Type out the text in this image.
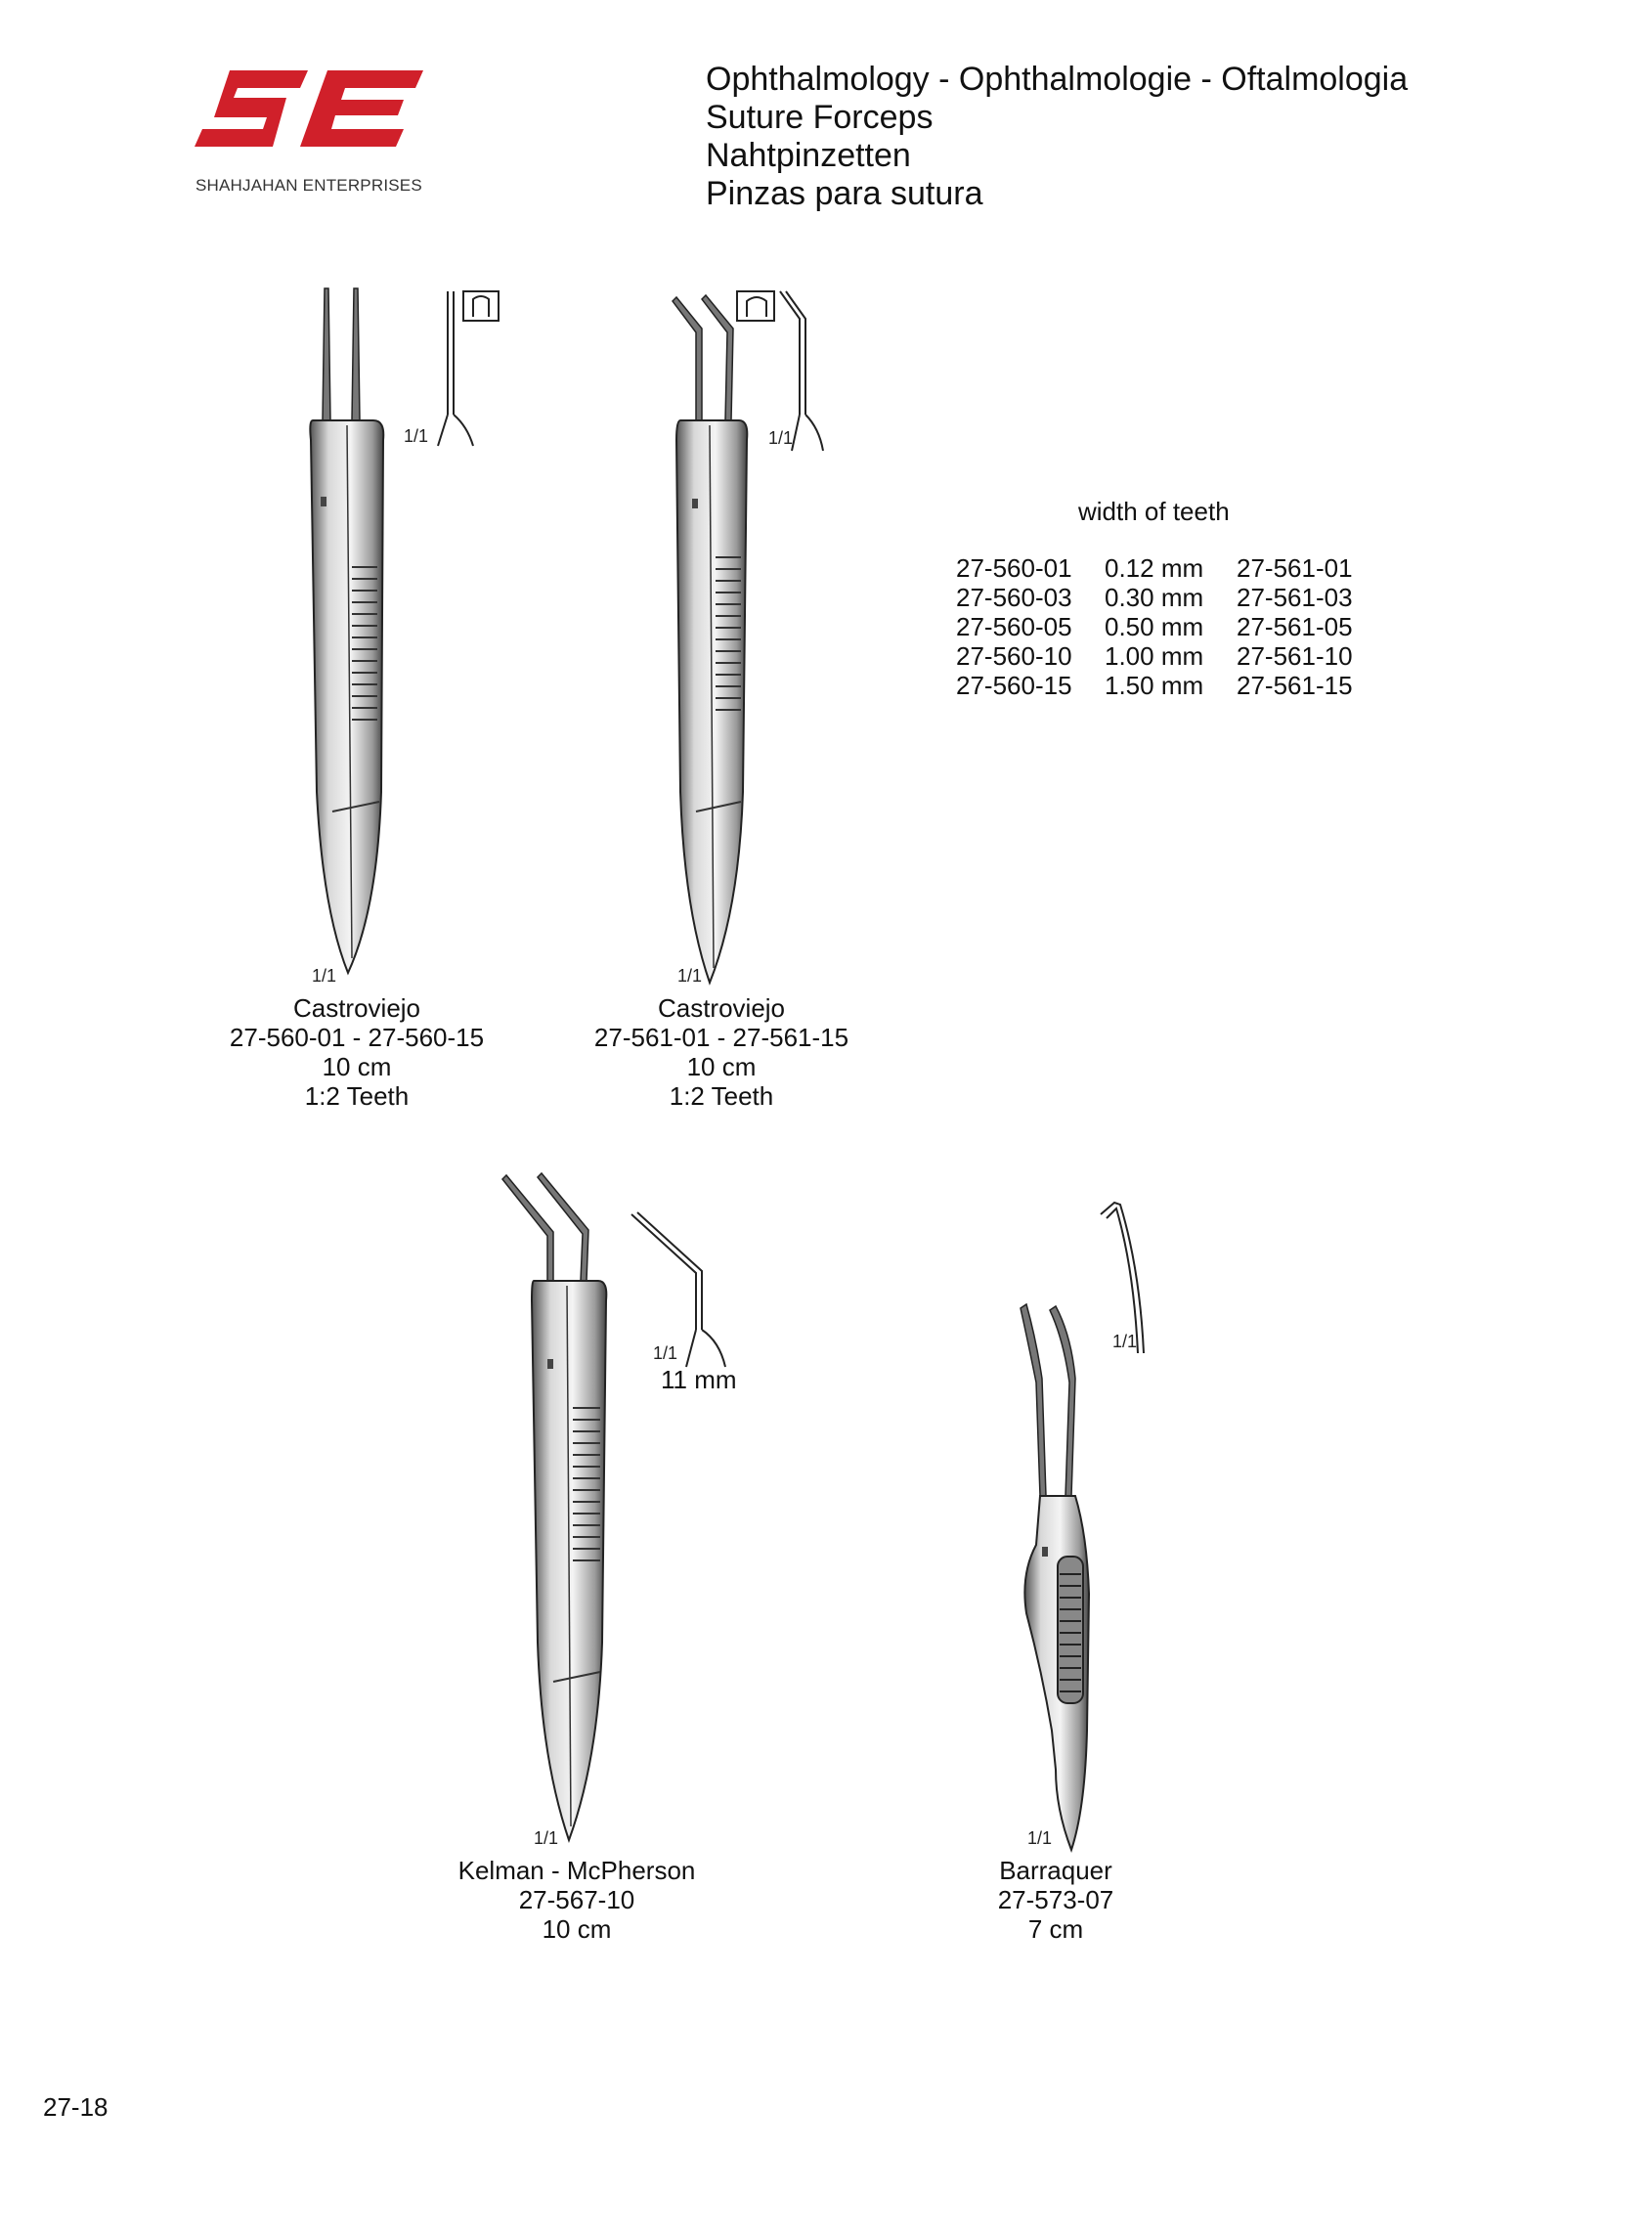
SHAHJAHAN ENTERPRISES
Ophthalmology - Ophthalmologie - Oftalmologia
Suture Forceps
Nahtpinzetten
Pinzas para sutura
width of teeth
27-560-01	0.12 mm	27-561-01
27-560-03	0.30 mm	27-561-03
27-560-05	0.50 mm	27-561-05
27-560-10	1.00 mm	27-561-10
27-560-15	1.50 mm	27-561-15
1/1
1/1
Castroviejo
27-560-01 - 27-560-15
10 cm
1:2 Teeth
1/1
1/1
Castroviejo
27-561-01 - 27-561-15
10 cm
1:2 Teeth
1/1
11 mm
1/1
Kelman - McPherson
27-567-10
10 cm
1/1
1/1
Barraquer
27-573-07
7 cm
27-18
